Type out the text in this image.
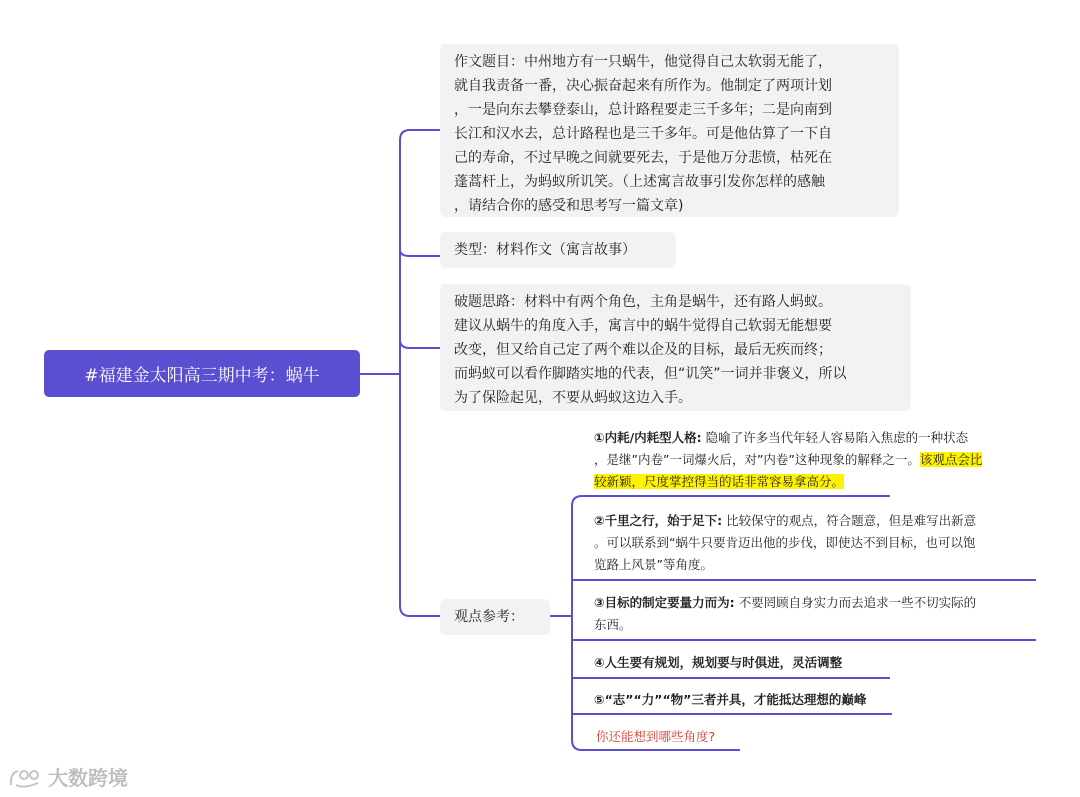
#福建金太阳高三期中考：蜗牛
作文题目：中州地方有一只蜗牛，他觉得自己太软弱无能了，
就自我责备一番，决心振奋起来有所作为。他制定了两项计划
，一是向东去攀登泰山，总计路程要走三千多年；二是向南到
长江和汉水去，总计路程也是三千多年。可是他估算了一下自
己的寿命，不过早晚之间就要死去，于是他万分悲愤，枯死在
蓬蒿杆上，为蚂蚁所讥笑。（上述寓言故事引发你怎样的感触
，请结合你的感受和思考写一篇文章)
类型：材料作文（寓言故事）
破题思路：材料中有两个角色，主角是蜗牛，还有路人蚂蚁。
建议从蜗牛的角度入手，寓言中的蜗牛觉得自己软弱无能想要
改变，但又给自己定了两个难以企及的目标，最后无疾而终；
而蚂蚁可以看作脚踏实地的代表，但“讥笑”一词并非褒义，所以
为了保险起见，不要从蚂蚁这边入手。
观点参考：
①内耗/内耗型人格: 隐喻了许多当代年轻人容易陷入焦虑的一种状态
，是继”内卷”一词爆火后，对”内卷”这种现象的解释之一。该观点会比
较新颖，尺度掌控得当的话非常容易拿高分。
②千里之行，始于足下: 比较保守的观点，符合题意，但是难写出新意
。可以联系到“蜗牛只要肯迈出他的步伐，即使达不到目标，也可以饱
览路上风景”等角度。
③目标的制定要量力而为: 不要罔顾自身实力而去追求一些不切实际的
东西。
④人生要有规划，规划要与时俱进，灵活调整
⑤“志”“力”“物”三者并具，才能抵达理想的巅峰
你还能想到哪些角度?
大数跨境
